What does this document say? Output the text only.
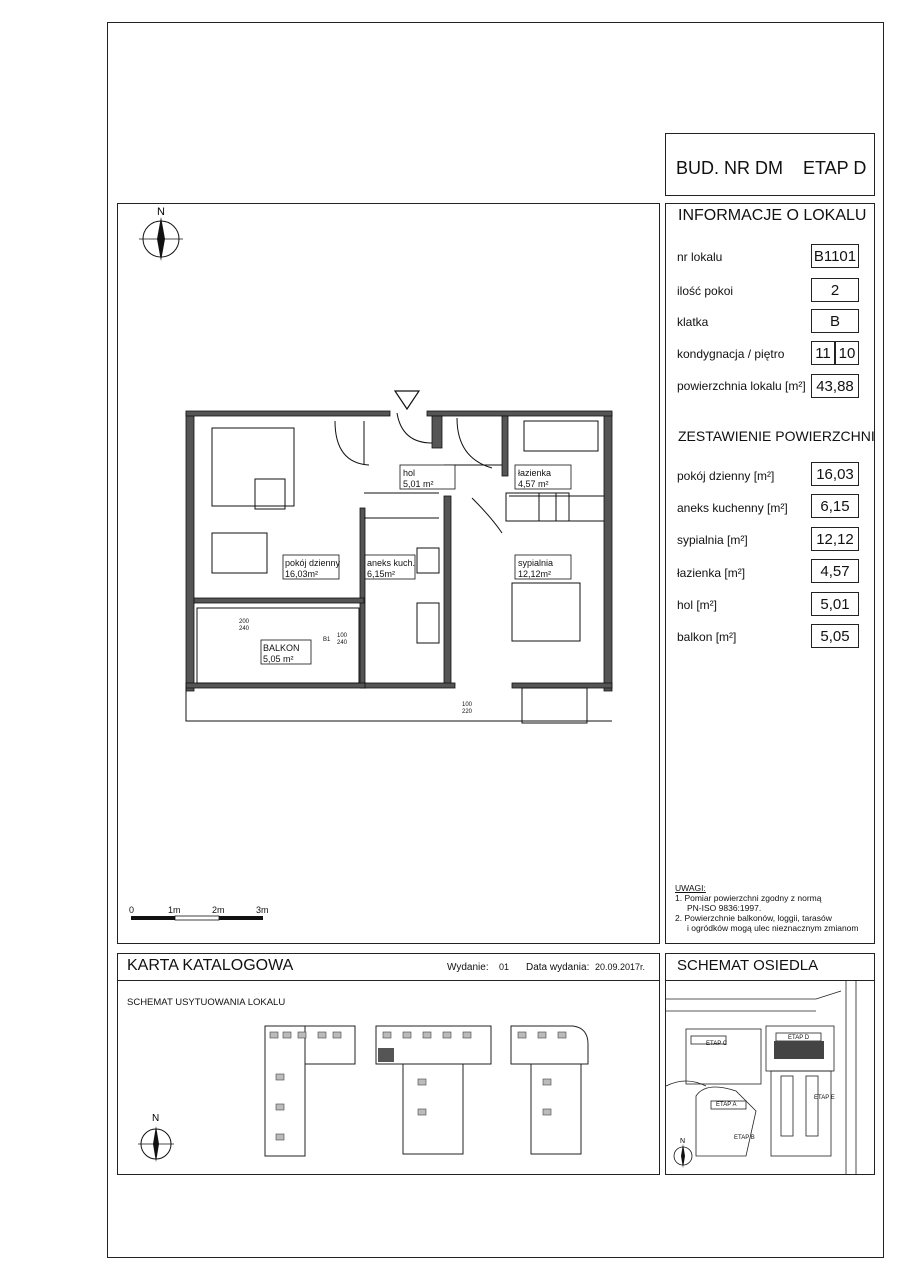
BUD. NR DM ETAP D
INFORMACJE O LOKALU
nr lokalu	B1101
ilość pokoi	2
klatka	B
kondygnacja / piętro 11 10
powierzchnia lokalu [m²] 43,88
ZESTAWIENIE POWIERZCHNI
pokój dzienny [m²]	16,03
aneks kuchenny [m²]	6,15
sypialnia [m²]	12,12
łazienka [m²]	4,57
hol [m²]	5,01
balkon [m²]	5,05
UWAGI:
1. Pomiar powierzchni zgodny z normą
PN-ISO 9836:1997.
2. Powierzchnie balkonów, loggii, tarasów
i ogródków mogą ulec nieznacznym zmianom
N
hol
5,01 m²
łazienka
4,57 m²
pokój dzienny
16,03m²
aneks kuch.
6,15m²
sypialnia
12,12m²
BALKON
5,05 m²
B1
100
240
200
240
100
220
0	1m	2m	3m
KARTA KATALOGOWA	Wydanie: 01 Data wydania: 20.09.2017r.
SCHEMAT USYTUOWANIA LOKALU
N
SCHEMAT OSIEDLA
ETAP C
ETAP D
ETAP A
ETAP E
ETAP B
N
